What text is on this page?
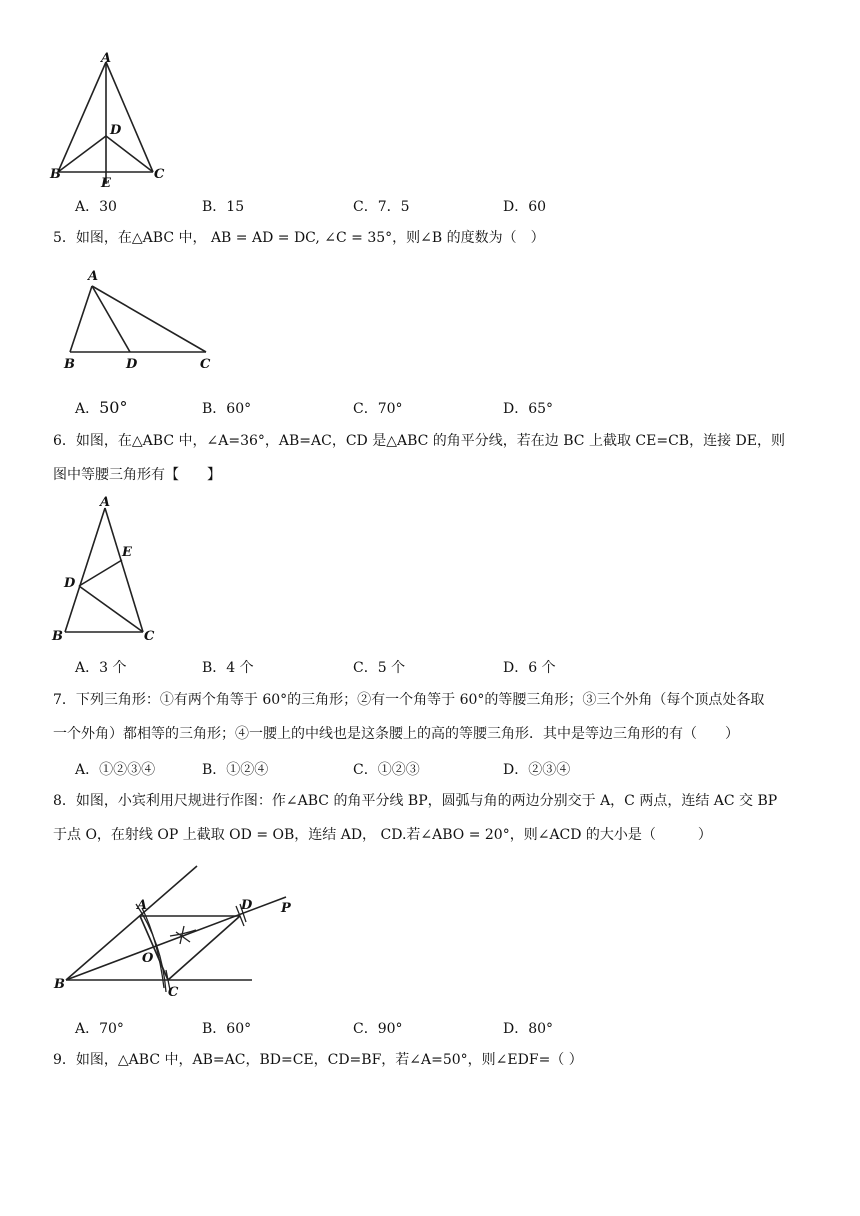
A
D
B
E
C
A．30	B．15	C．7．5	D．60
5．如图，在△ABC 中， AB = AD = DC, ∠C = 35°，则∠B 的度数为（　）
A
B	D	C
A．50°	B．60°	C．70°	D．65°
6．如图，在△ABC 中，∠A=36°，AB=AC，CD 是△ABC 的角平分线，若在边 BC 上截取 CE=CB，连接 DE，则
图中等腰三角形有【　　】
A
E
D
B	C
A．3 个	B．4 个	C．5 个	D．6 个
7．下列三角形：①有两个角等于 60°的三角形；②有一个角等于 60°的等腰三角形；③三个外角（每个顶点处各取
一个外角）都相等的三角形；④一腰上的中线也是这条腰上的高的等腰三角形．其中是等边三角形的有（　　）
A．①②③④	B．①②④	C．①②③	D．②③④
8．如图，小宾利用尺规进行作图：作∠ABC 的角平分线 BP，圆弧与角的两边分别交于 A，C 两点，连结 AC 交 BP
于点 O，在射线 OP 上截取 OD = OB，连结 AD， CD.若∠ABO = 20°，则∠ACD 的大小是（　　　）
A	D P
O
B
C
A．70°	B．60°	C．90°	D．80°
9．如图，△ABC 中，AB=AC，BD=CE，CD=BF，若∠A=50°，则∠EDF=（ ）
